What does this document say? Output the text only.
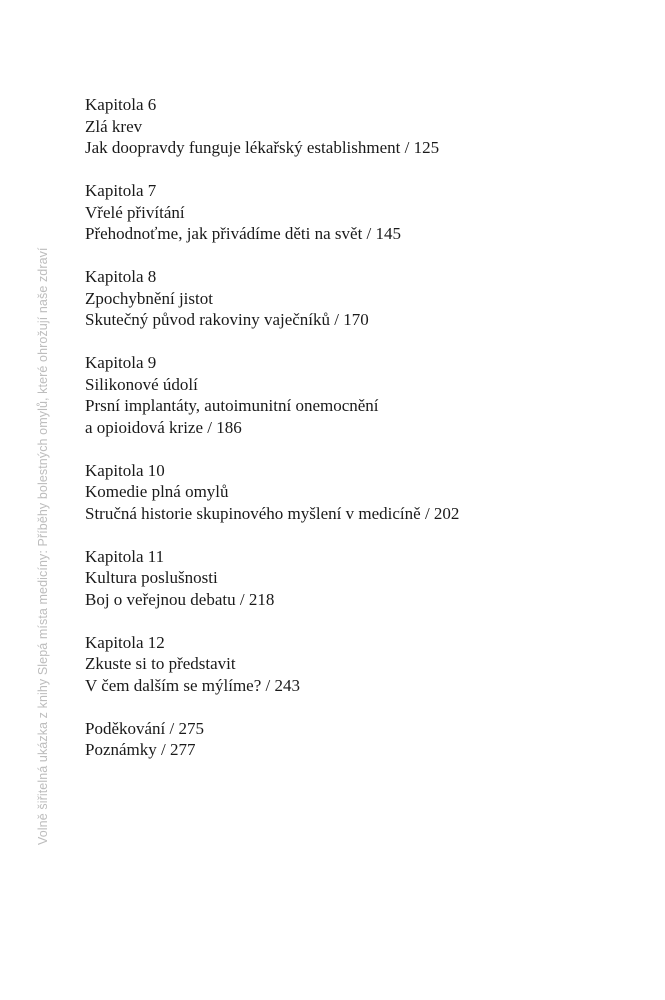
Volně šiřitelná ukázka z knihy Slepá místa medicíny: Příběhy bolestných omylů, které ohrožují naše zdraví
Kapitola 6
Zlá krev
Jak doopravdy funguje lékařský establishment / 125
Kapitola 7
Vřelé přivítání
Přehodnoťme, jak přivádíme děti na svět / 145
Kapitola 8
Zpochybnění jistot
Skutečný původ rakoviny vaječníků / 170
Kapitola 9
Silikonové údolí
Prsní implantáty, autoimunitní onemocnění
a opioidová krize / 186
Kapitola 10
Komedie plná omylů
Stručná historie skupinového myšlení v medicíně / 202
Kapitola 11
Kultura poslušnosti
Boj o veřejnou debatu / 218
Kapitola 12
Zkuste si to představit
V čem dalším se mýlíme? / 243
Poděkování / 275
Poznámky / 277
